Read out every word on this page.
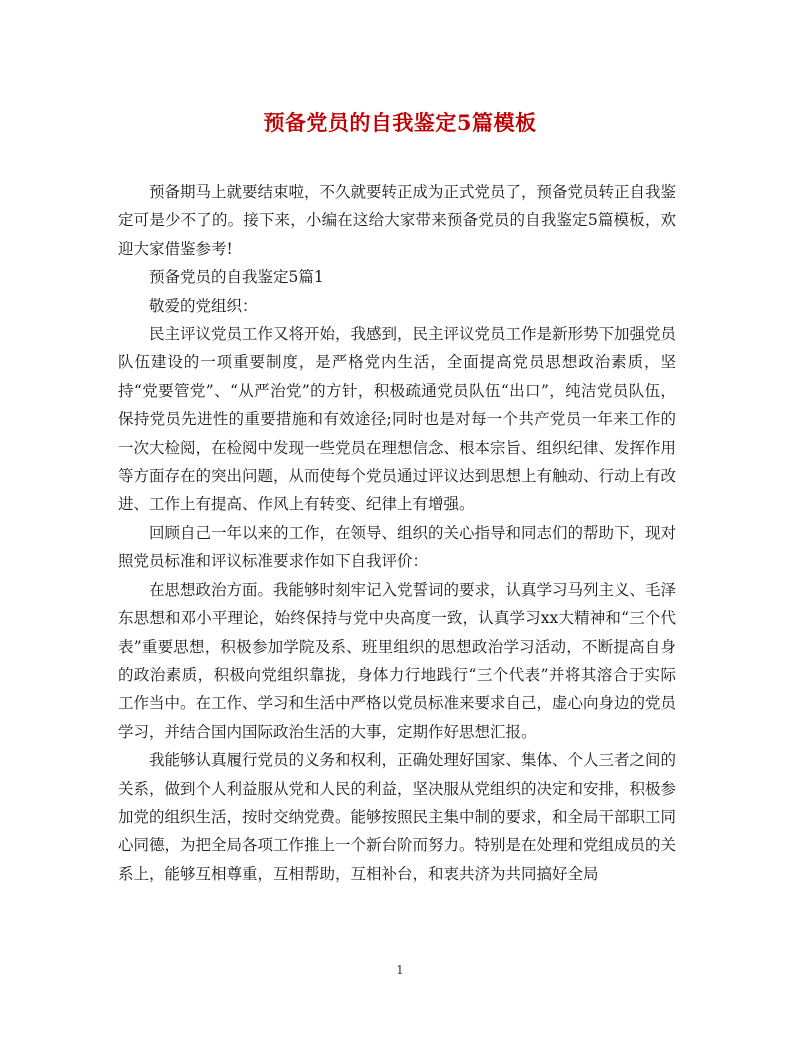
预备党员的自我鉴定5篇模板

预备期马上就要结束啦，不久就要转正成为正式党员了，预备党员转正自我鉴定可是少不了的。接下来，小编在这给大家带来预备党员的自我鉴定5篇模板，欢迎大家借鉴参考!

预备党员的自我鉴定5篇1

敬爱的党组织：

民主评议党员工作又将开始，我感到，民主评议党员工作是新形势下加强党员队伍建设的一项重要制度，是严格党内生活，全面提高党员思想政治素质，坚持“党要管党”、“从严治党”的方针，积极疏通党员队伍“出口”，纯洁党员队伍，保持党员先进性的重要措施和有效途径;同时也是对每一个共产党员一年来工作的一次大检阅，在检阅中发现一些党员在理想信念、根本宗旨、组织纪律、发挥作用等方面存在的突出问题，从而使每个党员通过评议达到思想上有触动、行动上有改进、工作上有提高、作风上有转变、纪律上有增强。

回顾自己一年以来的工作，在领导、组织的关心指导和同志们的帮助下，现对照党员标准和评议标准要求作如下自我评价：

在思想政治方面。我能够时刻牢记入党誓词的要求，认真学习马列主义、毛泽东思想和邓小平理论，始终保持与党中央高度一致，认真学习xx大精神和“三个代表”重要思想，积极参加学院及系、班里组织的思想政治学习活动，不断提高自身的政治素质，积极向党组织靠拢，身体力行地践行“三个代表”并将其溶合于实际工作当中。在工作、学习和生活中严格以党员标准来要求自己，虚心向身边的党员学习，并结合国内国际政治生活的大事，定期作好思想汇报。

我能够认真履行党员的义务和权利，正确处理好国家、集体、个人三者之间的关系，做到个人利益服从党和人民的利益，坚决服从党组织的决定和安排，积极参加党的组织生活，按时交纳党费。能够按照民主集中制的要求，和全局干部职工同心同德，为把全局各项工作推上一个新台阶而努力。特别是在处理和党组成员的关系上，能够互相尊重，互相帮助，互相补台，和衷共济为共同搞好全局

1
